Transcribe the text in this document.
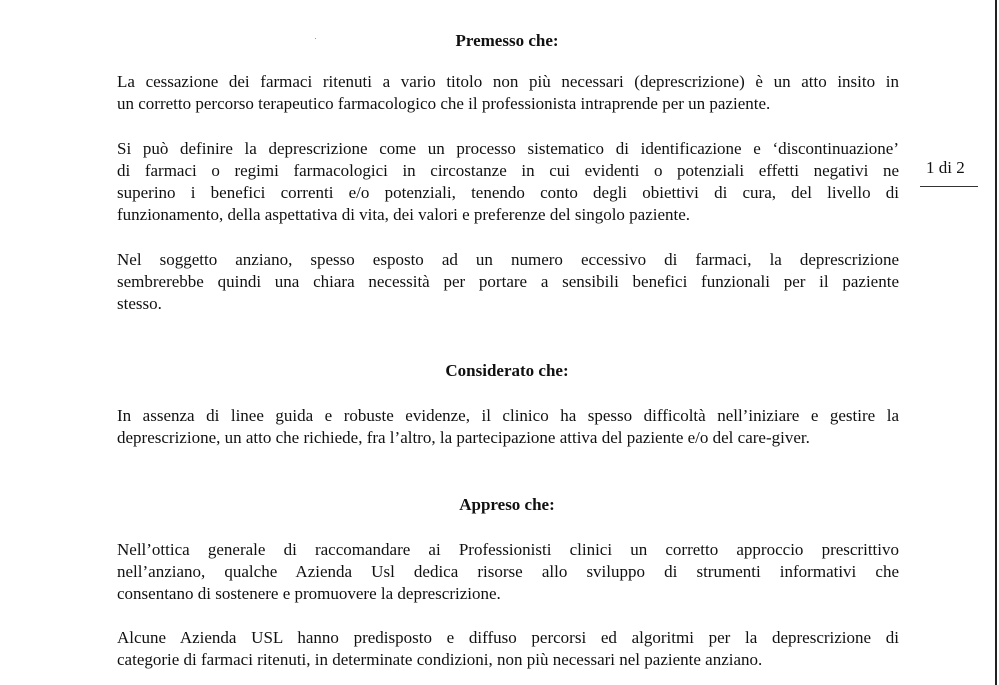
1 di 2
Premesso che:

La cessazione dei farmaci ritenuti a vario titolo non più necessari (deprescrizione) è un atto insito in
un corretto percorso terapeutico farmacologico che il professionista intraprende per un paziente.

Si può definire la deprescrizione come un processo sistematico di identificazione e ‘discontinuazione’
di farmaci o regimi farmacologici in circostanze in cui evidenti o potenziali effetti negativi ne
superino i benefici correnti e/o potenziali, tenendo conto degli obiettivi di cura, del livello di
funzionamento, della aspettativa di vita, dei valori e preferenze del singolo paziente.

Nel soggetto anziano, spesso esposto ad un numero eccessivo di farmaci, la deprescrizione
sembrerebbe quindi una chiara necessità per portare a sensibili benefici funzionali per il paziente
stesso.

Considerato che:

In assenza di linee guida e robuste evidenze, il clinico ha spesso difficoltà nell’iniziare e gestire la
deprescrizione, un atto che richiede, fra l’altro, la partecipazione attiva del paziente e/o del care-giver.

Appreso che:

Nell’ottica generale di raccomandare ai Professionisti clinici un corretto approccio prescrittivo
nell’anziano, qualche Azienda Usl dedica risorse allo sviluppo di strumenti informativi che
consentano di sostenere e promuovere la deprescrizione.

Alcune Azienda USL hanno predisposto e diffuso percorsi ed algoritmi per la deprescrizione di
categorie di farmaci ritenuti, in determinate condizioni, non più necessari nel paziente anziano.
